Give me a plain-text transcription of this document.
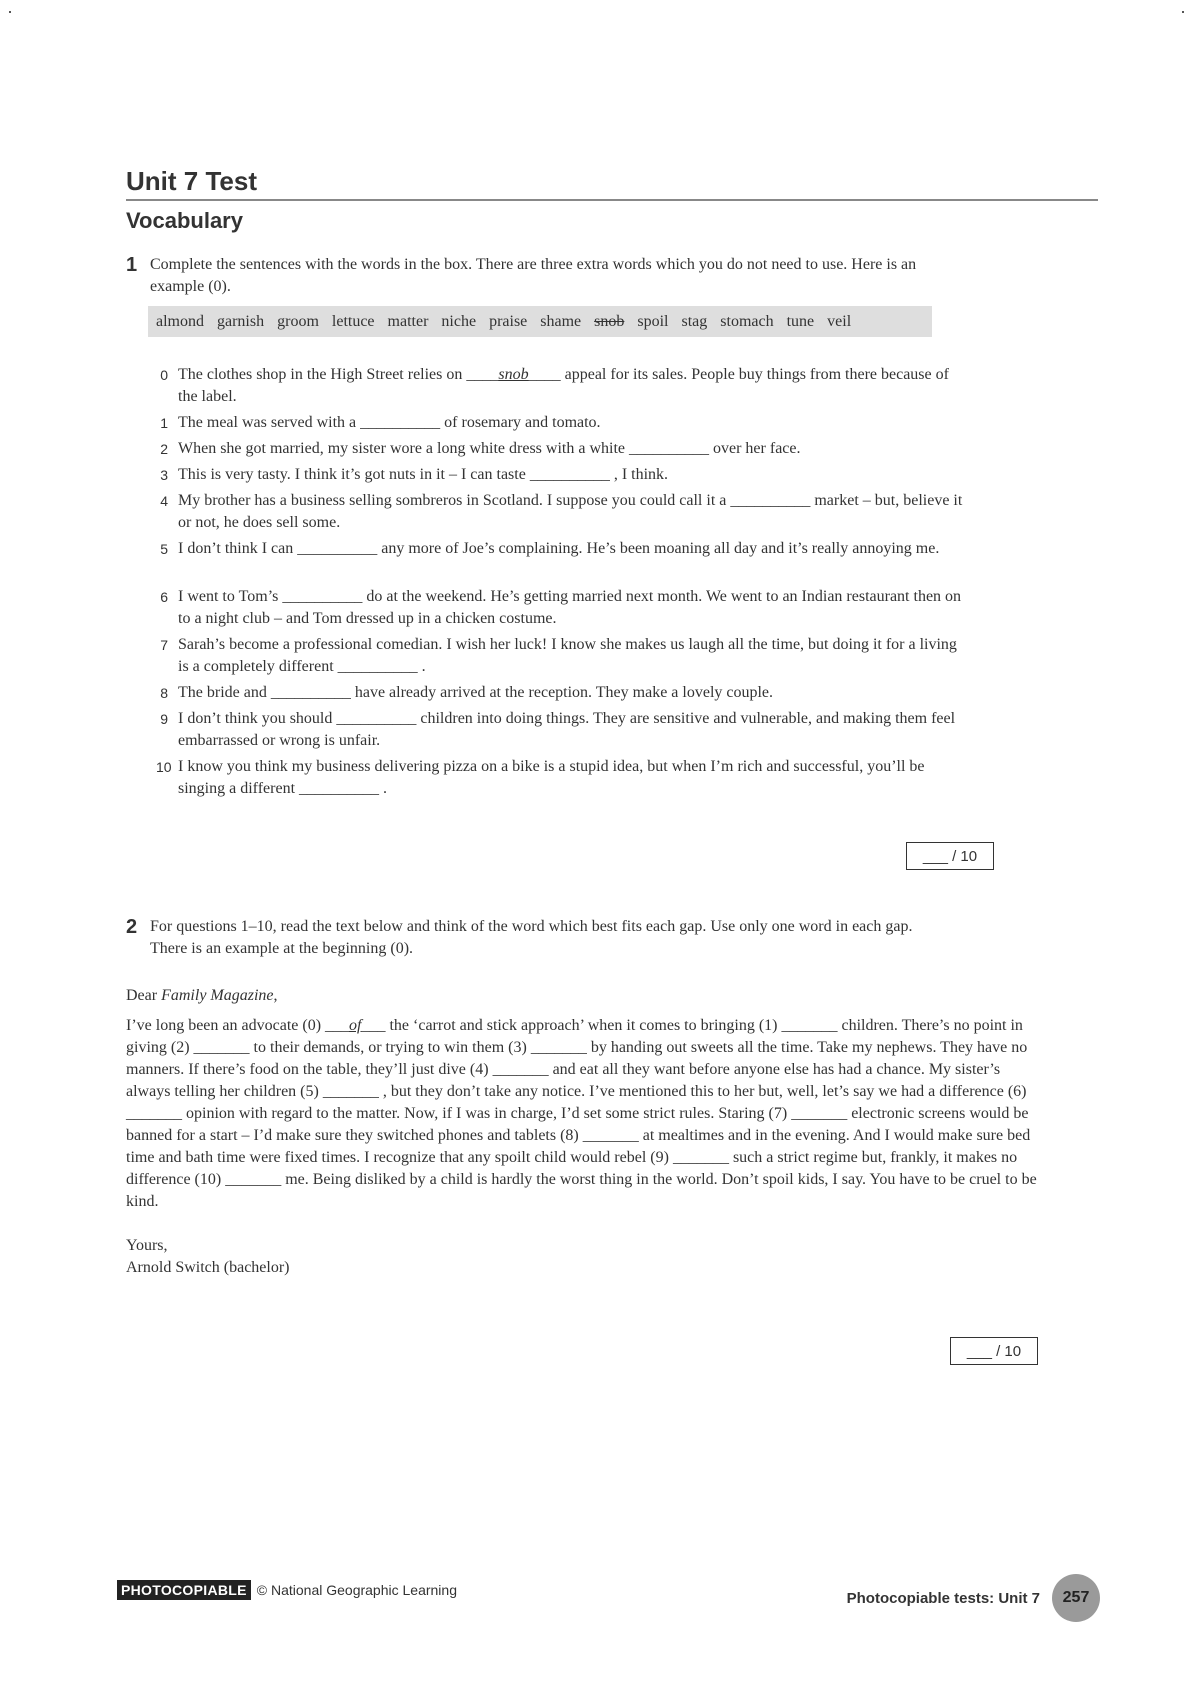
Unit 7 Test
Vocabulary
1 Complete the sentences with the words in the box. There are three extra words which you do not need to use. Here is an example (0).
almond garnish groom lettuce matter niche praise shame snob spoil stag stomach tune veil
0 The clothes shop in the High Street relies on ____snob____ appeal for its sales. People buy things from there because of the label.
1 The meal was served with a __________ of rosemary and tomato.
2 When she got married, my sister wore a long white dress with a white __________ over her face.
3 This is very tasty. I think it’s got nuts in it – I can taste __________ , I think.
4 My brother has a business selling sombreros in Scotland. I suppose you could call it a __________ market – but, believe it or not, he does sell some.
5 I don’t think I can __________ any more of Joe’s complaining. He’s been moaning all day and it’s really annoying me.
6 I went to Tom’s __________ do at the weekend. He’s getting married next month. We went to an Indian restaurant then on to a night club – and Tom dressed up in a chicken costume.
7 Sarah’s become a professional comedian. I wish her luck! I know she makes us laugh all the time, but doing it for a living is a completely different __________ .
8 The bride and __________ have already arrived at the reception. They make a lovely couple.
9 I don’t think you should __________ children into doing things. They are sensitive and vulnerable, and making them feel embarrassed or wrong is unfair.
10 I know you think my business delivering pizza on a bike is a stupid idea, but when I’m rich and successful, you’ll be singing a different __________ .
___ / 10
2 For questions 1–10, read the text below and think of the word which best fits each gap. Use only one word in each gap. There is an example at the beginning (0).

Dear Family Magazine,

I’ve long been an advocate (0) ___of___ the ‘carrot and stick approach’ when it comes to bringing (1) _______ children. There’s no point in giving (2) _______ to their demands, or trying to win them (3) _______ by handing out sweets all the time. Take my nephews. They have no manners. If there’s food on the table, they’ll just dive (4) _______ and eat all they want before anyone else has had a chance. My sister’s always telling her children (5) _______ , but they don’t take any notice. I’ve mentioned this to her but, well, let’s say we had a difference (6) _______ opinion with regard to the matter. Now, if I was in charge, I’d set some strict rules. Staring (7) _______ electronic screens would be banned for a start – I’d make sure they switched phones and tablets (8) _______ at mealtimes and in the evening. And I would make sure bed time and bath time were fixed times. I recognize that any spoilt child would rebel (9) _______ such a strict regime but, frankly, it makes no difference (10) _______ me. Being disliked by a child is hardly the worst thing in the world. Don’t spoil kids, I say. You have to be cruel to be kind.

Yours,

Arnold Switch (bachelor)

___ / 10
PHOTOCOPIABLE © National Geographic Learning	Photocopiable tests: Unit 7	257
